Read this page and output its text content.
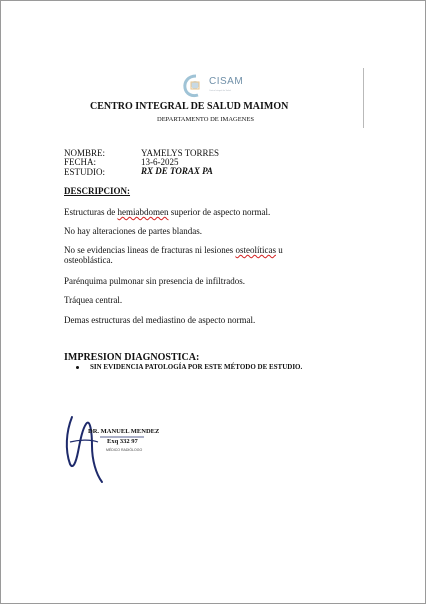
CISAM
Centro Integral de Salud
CENTRO INTEGRAL DE SALUD MAIMON
DEPARTAMENTO DE IMAGENES
NOMBRE:	YAMELYS TORRES
FECHA:	13-6-2025
ESTUDIO:	RX DE TORAX PA
DESCRIPCION:
Estructuras de hemiabdomen superior de aspecto normal.
No hay alteraciones de partes blandas.
No se evidencias lineas de fracturas ni lesiones osteolíticas u osteoblástica.
Parénquima pulmonar sin presencia de infiltrados.
Tráquea central.
Demas estructuras del mediastino de aspecto normal.
IMPRESION DIAGNOSTICA:
SIN EVIDENCIA PATOLOGÍA POR ESTE MÉTODO DE ESTUDIO.
DR. MANUEL MENDEZ
Exq 332 97
MÉDICO RADIÓLOGO
